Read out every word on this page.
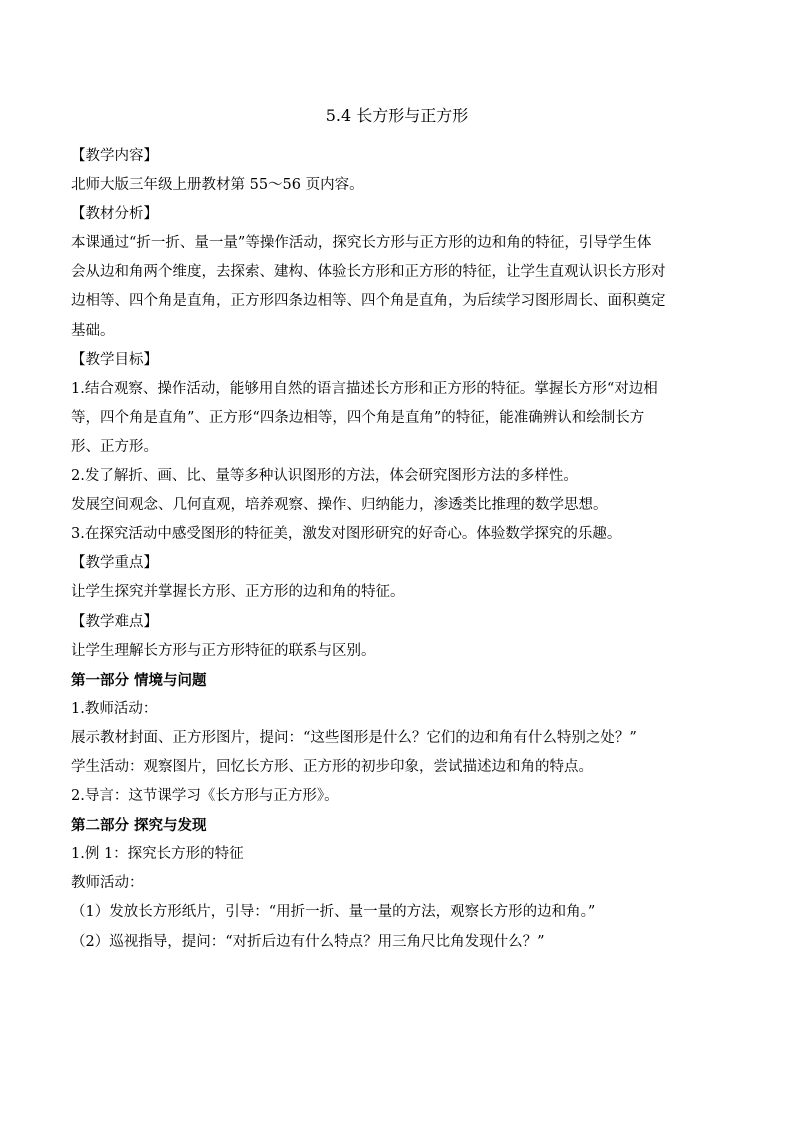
5.4 长方形与正方形
【教学内容】
北师大版三年级上册教材第 55～56 页内容。
【教材分析】
本课通过“折一折、量一量”等操作活动，探究长方形与正方形的边和角的特征，引导学生体
会从边和角两个维度，去探索、建构、体验长方形和正方形的特征，让学生直观认识长方形对
边相等、四个角是直角，正方形四条边相等、四个角是直角，为后续学习图形周长、面积奠定
基础。
【教学目标】
1.结合观察、操作活动，能够用自然的语言描述长方形和正方形的特征。掌握长方形“对边相
等，四个角是直角”、正方形“四条边相等，四个角是直角”的特征，能准确辨认和绘制长方
形、正方形。
2.发了解折、画、比、量等多种认识图形的方法，体会研究图形方法的多样性。
发展空间观念、几何直观，培养观察、操作、归纳能力，渗透类比推理的数学思想。
3.在探究活动中感受图形的特征美，激发对图形研究的好奇心。体验数学探究的乐趣。
【教学重点】
让学生探究并掌握长方形、正方形的边和角的特征。
【教学难点】
让学生理解长方形与正方形特征的联系与区别。
第一部分 情境与问题
1.教师活动：
展示教材封面、正方形图片，提问：“这些图形是什么？它们的边和角有什么特别之处？”
学生活动：观察图片，回忆长方形、正方形的初步印象，尝试描述边和角的特点。
2.导言：这节课学习《长方形与正方形》。
第二部分 探究与发现
1.例 1：探究长方形的特征
教师活动：
（1）发放长方形纸片，引导：“用折一折、量一量的方法，观察长方形的边和角。”
（2）巡视指导，提问：“对折后边有什么特点？用三角尺比角发现什么？”
